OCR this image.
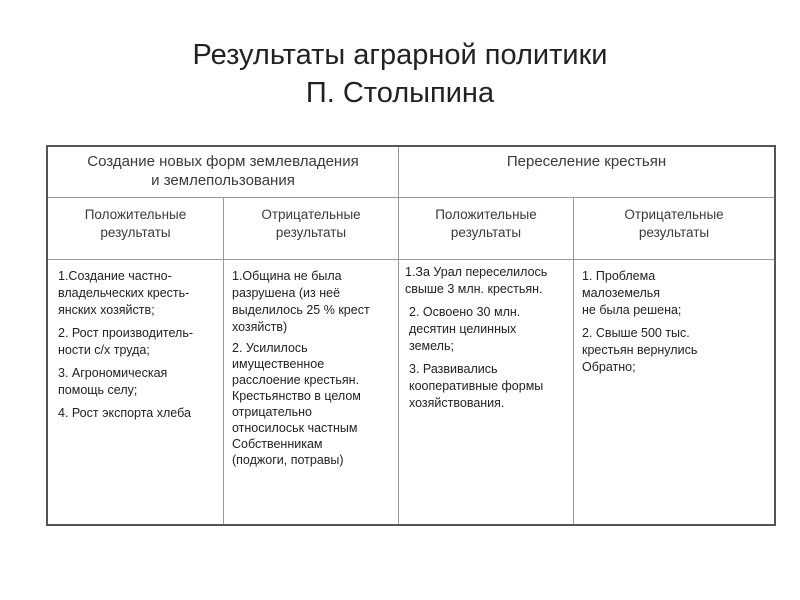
Результаты аграрной политики
П. Столыпина
Создание новых форм землевладения
и землепользования
Переселение крестьян
Положительные
результаты
Отрицательные
результаты
Положительные
результаты
Отрицательные
результаты
1.Создание частно-
владельческих кресть-
янских хозяйств;
2. Рост производитель-
ности с/х труда;
3. Агрономическая
помощь селу;
4. Рост экспорта хлеба
1.Община не была
разрушена (из неё
выделилось 25 % крест
хозяйств)
2. Усилилось
имущественное
расслоение крестьян.
Крестьянство в целом
отрицательно
относилоськ частным
Собственникам
(поджоги, потравы)
1.За Урал переселилось
свыше 3 млн. крестьян.
2. Освоено 30 млн.
десятин целинных
земель;
3. Развивались
кооперативные формы
хозяйствования.
1. Проблема
малоземелья
не была решена;
2. Свыше 500 тыс.
крестьян вернулись
Обратно;
